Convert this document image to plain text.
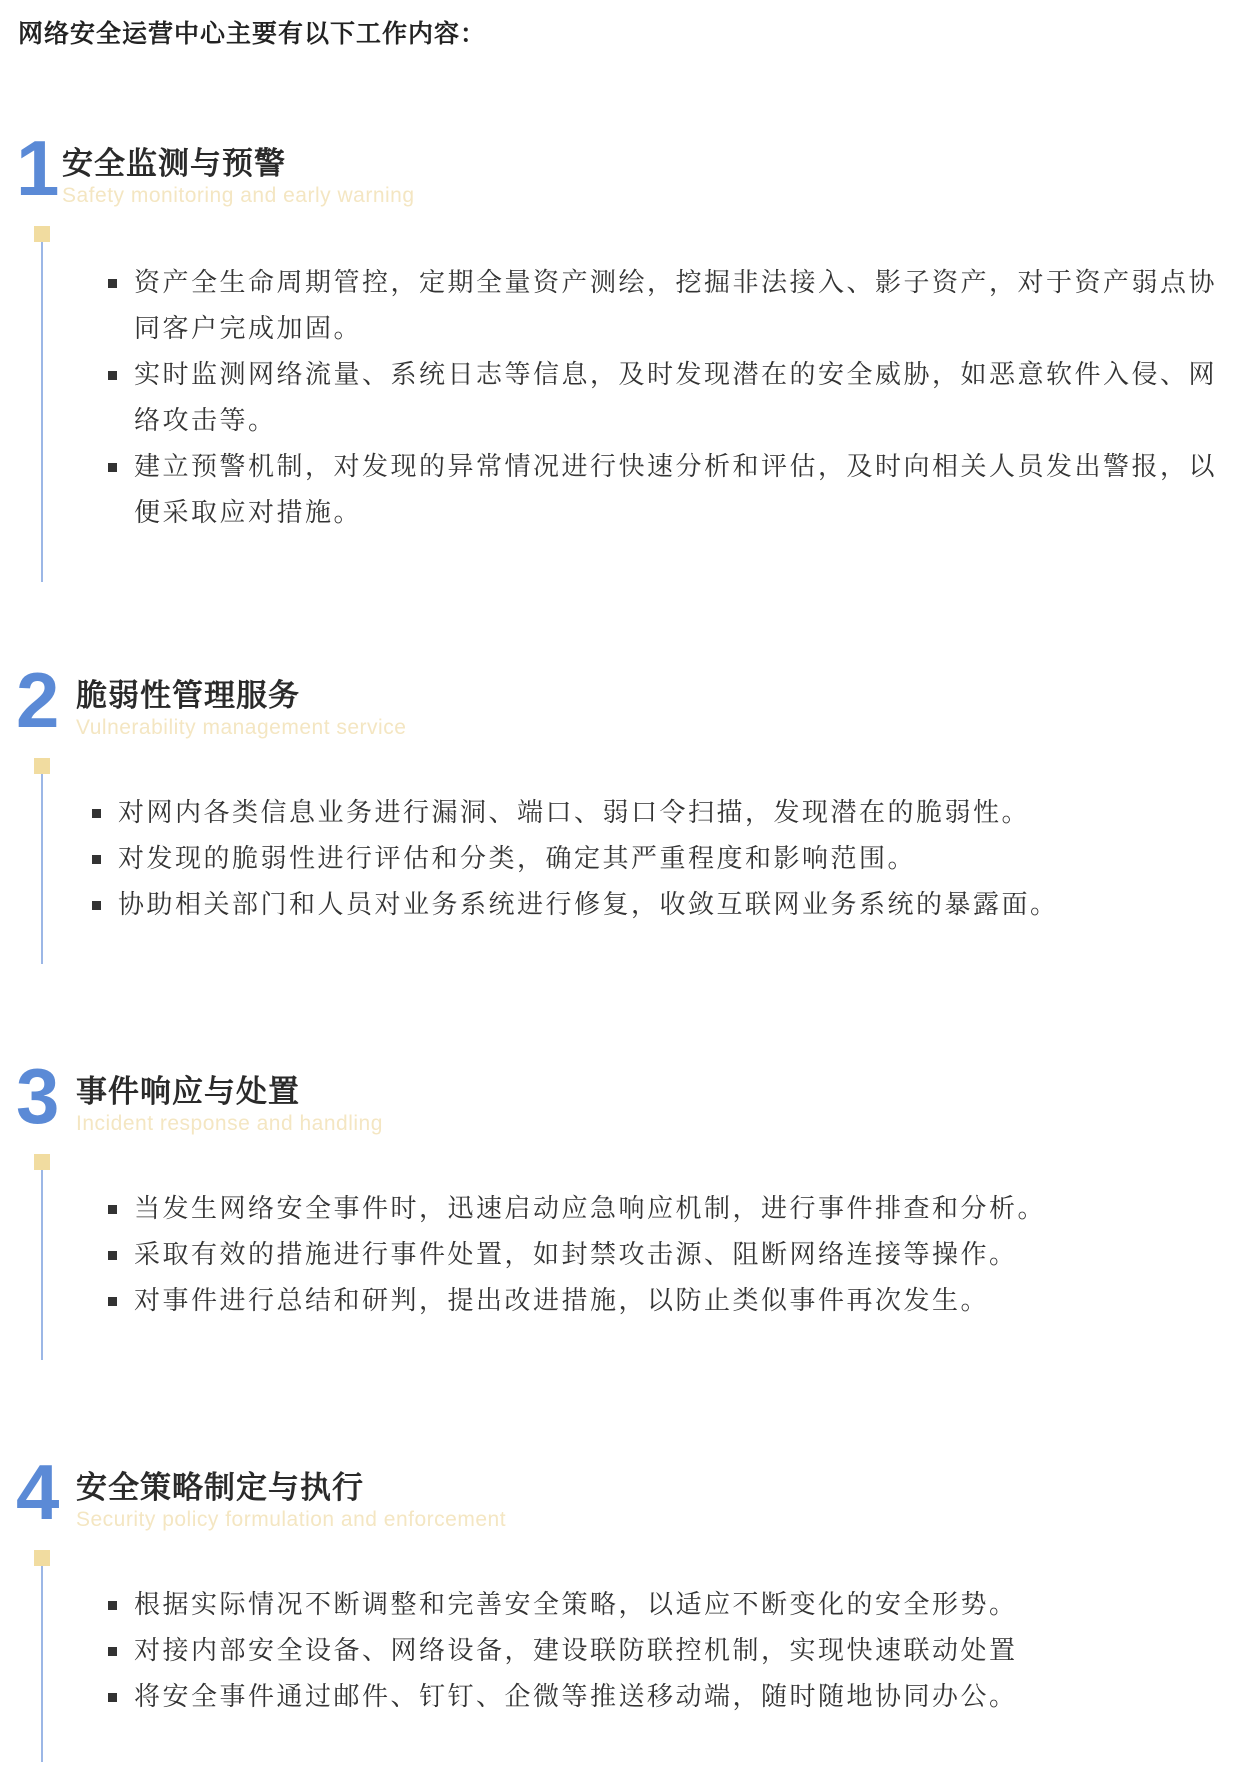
网络安全运营中心主要有以下工作内容：
1 安全监测与预警
Safety monitoring and early warning
资产全生命周期管控，定期全量资产测绘，挖掘非法接入、影子资产，对于资产弱点协同客户完成加固。
实时监测网络流量、系统日志等信息，及时发现潜在的安全威胁，如恶意软件入侵、网络攻击等。
建立预警机制，对发现的异常情况进行快速分析和评估，及时向相关人员发出警报，以便采取应对措施。
2 脆弱性管理服务
Vulnerability management service
对网内各类信息业务进行漏洞、端口、弱口令扫描，发现潜在的脆弱性。
对发现的脆弱性进行评估和分类，确定其严重程度和影响范围。
协助相关部门和人员对业务系统进行修复，收敛互联网业务系统的暴露面。
3 事件响应与处置
Incident response and handling
当发生网络安全事件时，迅速启动应急响应机制，进行事件排查和分析。
采取有效的措施进行事件处置，如封禁攻击源、阻断网络连接等操作。
对事件进行总结和研判，提出改进措施，以防止类似事件再次发生。
4 安全策略制定与执行
Security policy formulation and enforcement
根据实际情况不断调整和完善安全策略，以适应不断变化的安全形势。
对接内部安全设备、网络设备，建设联防联控机制，实现快速联动处置
将安全事件通过邮件、钉钉、企微等推送移动端，随时随地协同办公。
